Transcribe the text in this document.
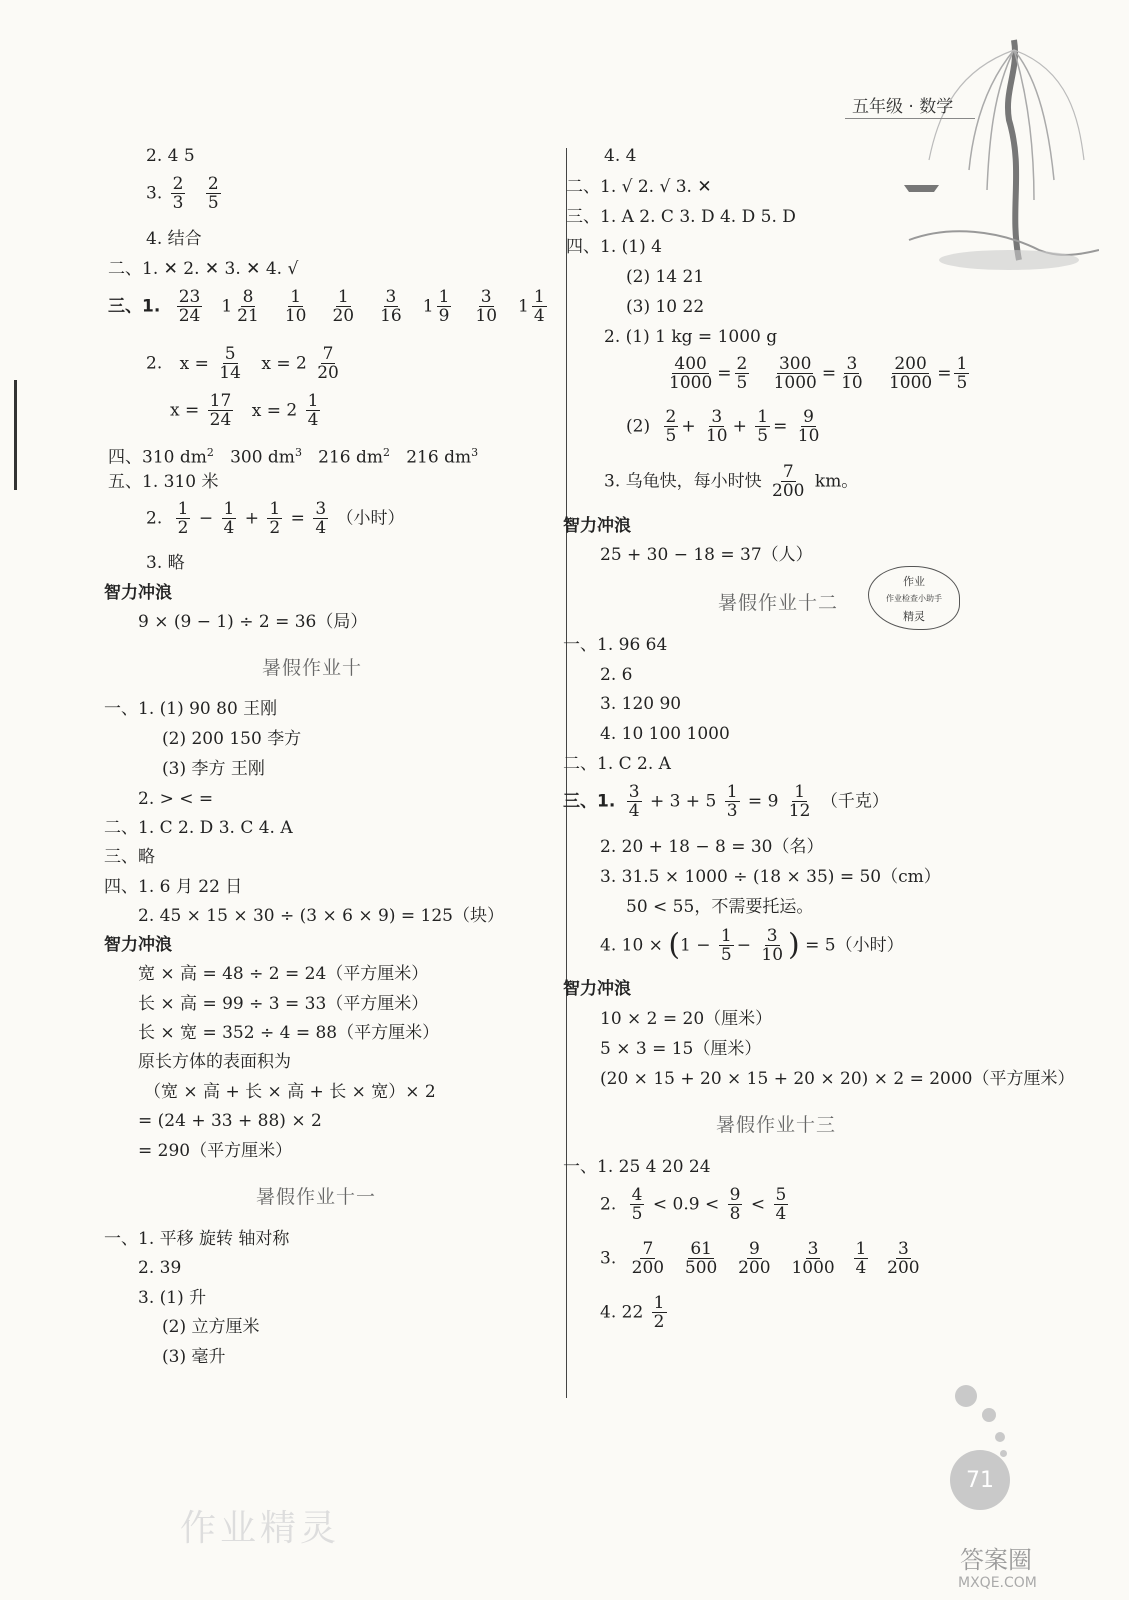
五年级 · 数学
2. 4 5
3. $\frac{2}{3}$
$\frac{2}{5}$
4. 结合
二、1. ✕ 2. ✕ 3. ✕ 4. √
三、1. $\frac{23}{24} 1 \frac{8}{21} \frac{1}{10} \frac{1}{20} \frac{3}{16} 1 \frac{1}{9} \frac{3}{10} 1 \frac{1}{4}$
2. $x = \frac{5}{14}$ $x = 2 \frac{7}{20}$
$x = \frac{17}{24}$ $x = 2 \frac{1}{4}$
四、310 $dm^2$ 300 $dm^3$ 216 $dm^2$ 216 $dm^3$
五、1. 310 米
2. $\frac{1}{2} - \frac{1}{4} + \frac{1}{2} = \frac{3}{4}$ （小时）
3. 略
智力冲浪
9 × (9 − 1) ÷ 2 = 36（局）
暑假作业十
一、1. (1) 90 80 王刚
(2) 200 150 李方
(3) 李方 王刚
2. > < =
二、1. C 2. D 3. C 4. A
三、略
四、1. 6 月 22 日
2. 45 × 15 × 30 ÷ (3 × 6 × 9) = 125（块）
智力冲浪
宽 × 高 = 48 ÷ 2 = 24（平方厘米）
长 × 高 = 99 ÷ 3 = 33（平方厘米）
长 × 宽 = 352 ÷ 4 = 88（平方厘米）
原长方体的表面积为
（宽 × 高 + 长 × 高 + 长 × 宽）× 2
= (24 + 33 + 88) × 2
= 290（平方厘米）
暑假作业十一
一、1. 平移 旋转 轴对称
2. 39
3. (1) 升
(2) 立方厘米
(3) 毫升
4. 4
二、1. √ 2. √ 3. ✕
三、1. A 2. C 3. D 4. D 5. D
四、1. (1) 4
(2) 14 21
(3) 10 22
2. (1) 1 kg = 1000 g
$\frac{400}{1000} = \frac{2}{5}$
$\frac{300}{1000} = \frac{3}{10}$
$\frac{200}{1000} = \frac{1}{5}$
$(2) \frac{2}{5} + \frac{3}{10} + \frac{1}{5} = \frac{9}{10}$
3. 乌龟快，每小时快 $\frac{7}{200}$ km。
智力冲浪
25 + 30 − 18 = 37（人）
暑假作业十二
一、1. 96 64
2. 6
3. 120 90
4. 10 100 1000
二、1. C 2. A
三、1. $\frac{3}{4} + 3 + 5 \frac{1}{3} = 9 \frac{1}{12}$ （千克）
2. 20 + 18 − 8 = 30（名）
3. 31.5 × 1000 ÷ (18 × 35) = 50（cm）
50 < 55，不需要托运。
4. $10 \times (1 - \frac{1}{5} - \frac{3}{10}$ ) = 5（小时）
智力冲浪
10 × 2 = 20（厘米）
5 × 3 = 15（厘米）
(20 × 15 + 20 × 15 + 20 × 20) × 2 = 2000（平方厘米）
暑假作业十三
一、1. 25 4 20 24
2. $\frac{4}{5} < 0.9 < \frac{9}{8} < \frac{5}{4}$
3. $\frac{7}{200}$
$\frac{61}{500}$
$\frac{9}{200}$
$\frac{3}{1000}$
$\frac{1}{4}$
$\frac{3}{200}$
4. $22 \frac{1}{2}$
作业
作业检查小助手
精灵
71
作业精灵
答案圈
MXQE.COM
